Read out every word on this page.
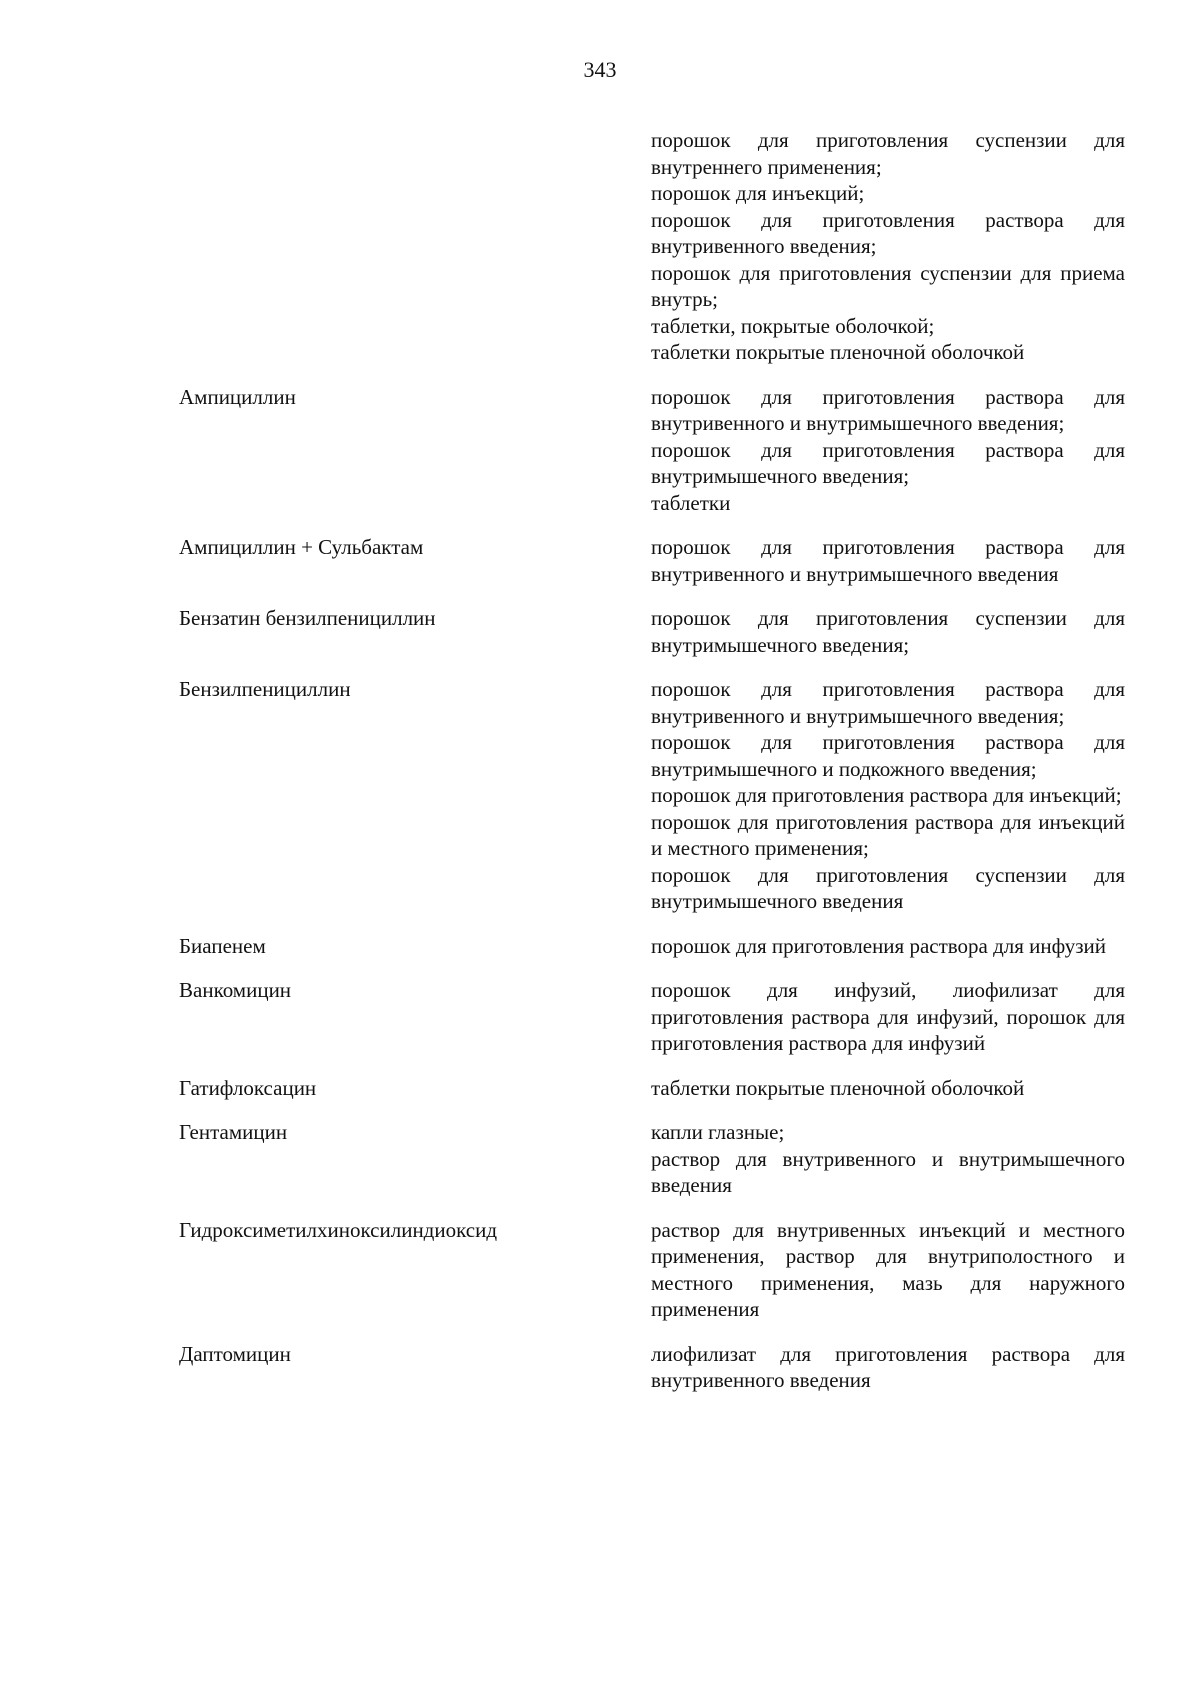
343
порошок для приготовления суспензии для внутреннего применения;
порошок для инъекций;
порошок для приготовления раствора для внутривенного введения;
порошок для приготовления суспензии для приема внутрь;
таблетки, покрытые оболочкой;
таблетки покрытые пленочной оболочкой
Ампициллин	порошок для приготовления раствора для внутривенного и внутримышечного введения;
порошок для приготовления раствора для внутримышечного введения;
таблетки
Ампициллин + Сульбактам	порошок для приготовления раствора для внутривенного и внутримышечного введения
Бензатин бензилпенициллин	порошок для приготовления суспензии для внутримышечного введения;
Бензилпенициллин	порошок для приготовления раствора для внутривенного и внутримышечного введения;
порошок для приготовления раствора для внутримышечного и подкожного введения;
порошок для приготовления раствора для инъекций;
порошок для приготовления раствора для инъекций и местного применения;
порошок для приготовления суспензии для внутримышечного введения
Биапенем	порошок для приготовления раствора для инфузий
Ванкомицин	порошок для инфузий, лиофилизат для приготовления раствора для инфузий, порошок для приготовления раствора для инфузий
Гатифлоксацин	таблетки покрытые пленочной оболочкой
Гентамицин	капли глазные;
раствор для внутривенного и внутримышечного введения
Гидроксиметилхиноксилиндиоксид	раствор для внутривенных инъекций и местного применения, раствор для внутриполостного и местного применения, мазь для наружного применения
Даптомицин	лиофилизат для приготовления раствора для внутривенного введения
